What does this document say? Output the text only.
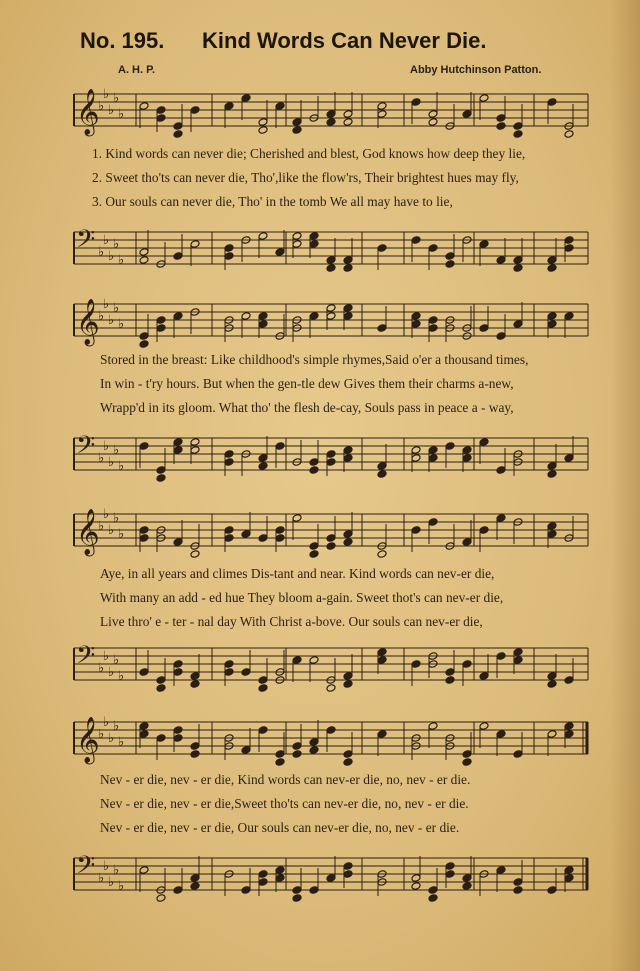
No. 195. Kind Words Can Never Die.
A. H. P.	Abby Hutchinson Patton.
𝄞
♭
♭
♭
♭
♭
1. Kind words can never die; Cherished and blest, God knows how deep they lie,
2. Sweet tho'ts can never die, Tho',like the flow'rs, Their brightest hues may fly,
3. Our souls can never die, Tho' in the tomb We all may have to lie,
𝄢 ♭
♭
♭
♭
♭
𝄞
♭
♭
♭
♭
♭
Stored in the breast: Like childhood's simple rhymes,Said o'er a thousand times,
In win - t'ry hours. But when the gen-tle dew Gives them their charms a-new,
Wrapp'd in its gloom. What tho' the flesh de-cay, Souls pass in peace a - way,
𝄢 ♭
♭
♭
♭
♭
𝄞
♭
♭
♭
♭
♭
Aye, in all years and climes Dis-tant and near. Kind words can nev-er die,
With many an add - ed hue They bloom a-gain. Sweet thot's can nev-er die,
Live thro' e - ter - nal day With Christ a-bove. Our souls can nev-er die,
𝄢 ♭
♭
♭
♭
♭
𝄞
♭
♭
♭
♭
♭
Nev - er die, nev - er die, Kind words can nev-er die, no, nev - er die.
Nev - er die, nev - er die,Sweet tho'ts can nev-er die, no, nev - er die.
Nev - er die, nev - er die, Our souls can nev-er die, no, nev - er die.
𝄢 ♭
♭
♭
♭
♭
